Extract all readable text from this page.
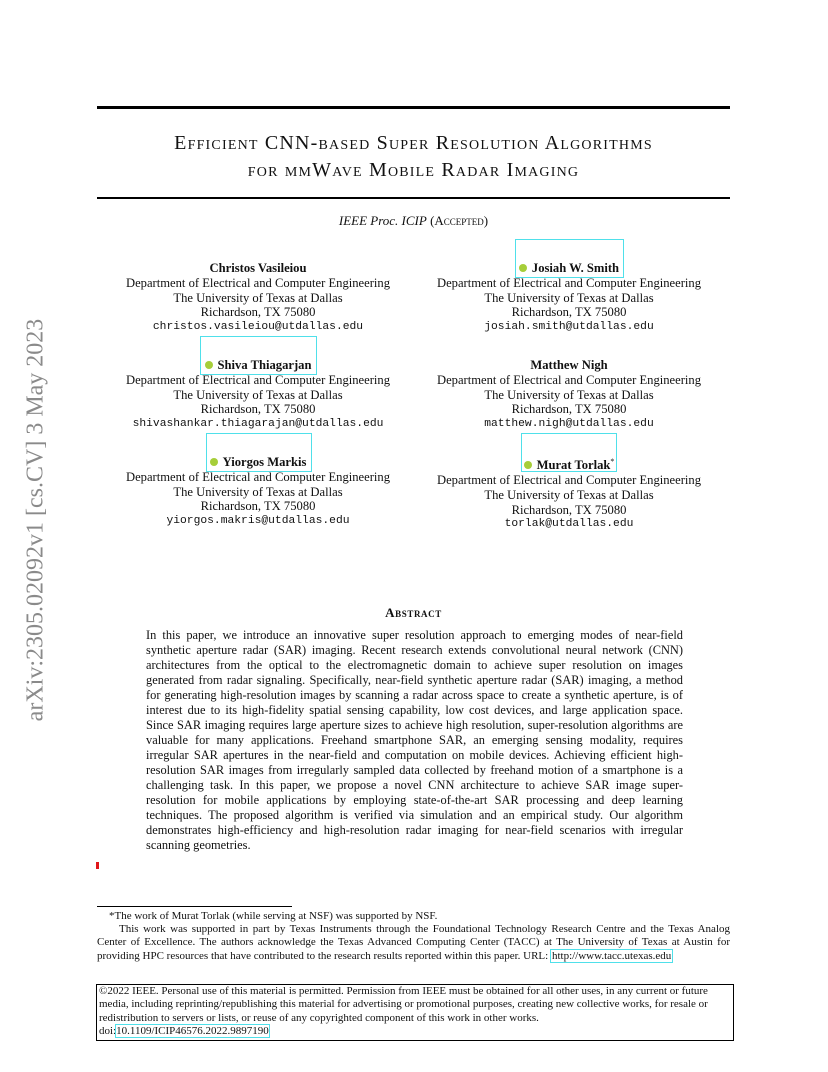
arXiv:2305.02092v1 [cs.CV] 3 May 2023
Efficient CNN-based Super Resolution Algorithms
for mmWave Mobile Radar Imaging
IEEE Proc. ICIP (Accepted)
Christos Vasileiou
Department of Electrical and Computer Engineering
The University of Texas at Dallas
Richardson, TX 75080
christos.vasileiou@utdallas.edu
Josiah W. Smith
Department of Electrical and Computer Engineering
The University of Texas at Dallas
Richardson, TX 75080
josiah.smith@utdallas.edu
Shiva Thiagarjan
Department of Electrical and Computer Engineering
The University of Texas at Dallas
Richardson, TX 75080
shivashankar.thiagarajan@utdallas.edu
Matthew Nigh
Department of Electrical and Computer Engineering
The University of Texas at Dallas
Richardson, TX 75080
matthew.nigh@utdallas.edu
Yiorgos Markis
Department of Electrical and Computer Engineering
The University of Texas at Dallas
Richardson, TX 75080
yiorgos.makris@utdallas.edu
Murat Torlak*
Department of Electrical and Computer Engineering
The University of Texas at Dallas
Richardson, TX 75080
torlak@utdallas.edu
Abstract
In this paper, we introduce an innovative super resolution approach to emerging modes of near-field synthetic aperture radar (SAR) imaging. Recent research extends convolutional neural network (CNN) architectures from the optical to the electromagnetic domain to achieve super resolution on images generated from radar signaling. Specifically, near-field synthetic aperture radar (SAR) imaging, a method for generating high-resolution images by scanning a radar across space to create a synthetic aperture, is of interest due to its high-fidelity spatial sensing capability, low cost devices, and large application space. Since SAR imaging requires large aperture sizes to achieve high resolution, super-resolution algorithms are valuable for many applications. Freehand smartphone SAR, an emerging sensing modality, requires irregular SAR apertures in the near-field and computation on mobile devices. Achieving efficient high-resolution SAR images from irregularly sampled data collected by freehand motion of a smartphone is a challenging task. In this paper, we propose a novel CNN architecture to achieve SAR image super-resolution for mobile applications by employing state-of-the-art SAR processing and deep learning techniques. The proposed algorithm is verified via simulation and an empirical study. Our algorithm demonstrates high-efficiency and high-resolution radar imaging for near-field scenarios with irregular scanning geometries.
*The work of Murat Torlak (while serving at NSF) was supported by NSF.
This work was supported in part by Texas Instruments through the Foundational Technology Research Centre and the Texas Analog Center of Excellence. The authors acknowledge the Texas Advanced Computing Center (TACC) at The University of Texas at Austin for providing HPC resources that have contributed to the research results reported within this paper. URL: http://www.tacc.utexas.edu

©2022 IEEE. Personal use of this material is permitted. Permission from IEEE must be obtained for all other uses, in any current or future media, including reprinting/republishing this material for advertising or promotional purposes, creating new collective works, for resale or redistribution to servers or lists, or reuse of any copyrighted component of this work in other works.

doi:10.1109/ICIP46576.2022.9897190
